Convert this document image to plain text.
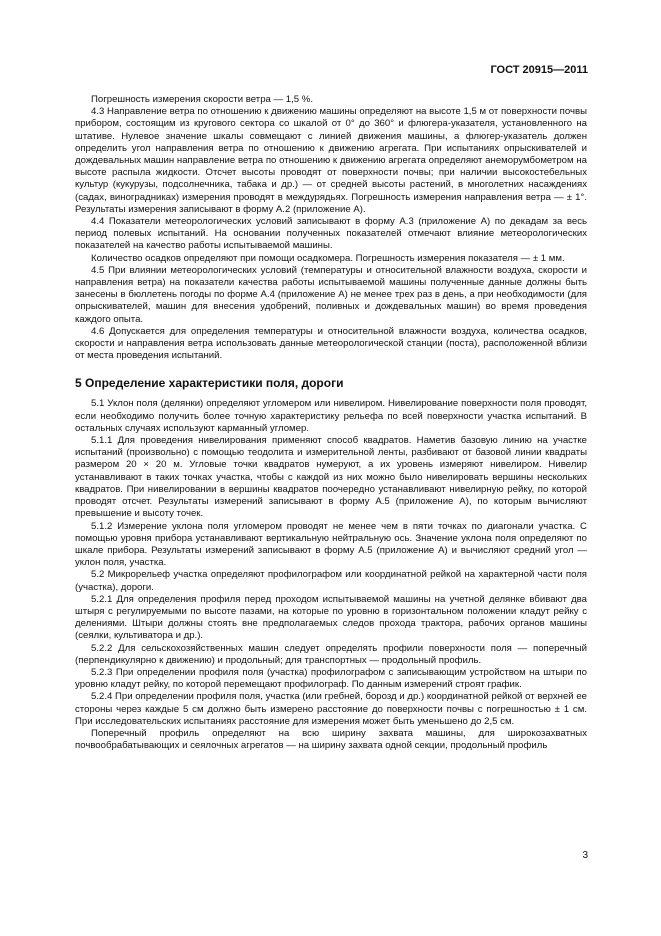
ГОСТ 20915—2011

Погрешность измерения скорости ветра — 1,5 %.

4.3 Направление ветра по отношению к движению машины определяют на высоте 1,5 м от поверхности почвы прибором, состоящим из кругового сектора со шкалой от 0° до 360° и флюгера-указателя, установленного на штативе. Нулевое значение шкалы совмещают с линией движения машины, а флюгер-указатель должен определить угол направления ветра по отношению к движению агрегата. При испытаниях опрыскивателей и дождевальных машин направление ветра по отношению к движению агрегата определяют анеморумбометром на высоте распыла жидкости. Отсчет высоты проводят от поверхности почвы; при наличии высокостебельных культур (кукурузы, подсолнечника, табака и др.) — от средней высоты растений, в многолетних насаждениях (садах, виноградниках) измерения проводят в междурядьях. Погрешность измерения направления ветра — ± 1°. Результаты измерения записывают в форму А.2 (приложение А).

4.4 Показатели метеорологических условий записывают в форму А.3 (приложение А) по декадам за весь период полевых испытаний. На основании полученных показателей отмечают влияние метеорологических показателей на качество работы испытываемой машины.

Количество осадков определяют при помощи осадкомера. Погрешность измерения показателя — ± 1 мм.

4.5 При влиянии метеорологических условий (температуры и относительной влажности воздуха, скорости и направления ветра) на показатели качества работы испытываемой машины полученные данные должны быть занесены в бюллетень погоды по форме А.4 (приложение А) не менее трех раз в день, а при необходимости (для опрыскивателей, машин для внесения удобрений, поливных и дождевальных машин) во время проведения каждого опыта.

4.6 Допускается для определения температуры и относительной влажности воздуха, количества осадков, скорости и направления ветра использовать данные метеорологической станции (поста), расположенной вблизи от места проведения испытаний.

5 Определение характеристики поля, дороги

5.1 Уклон поля (делянки) определяют угломером или нивелиром. Нивелирование поверхности поля проводят, если необходимо получить более точную характеристику рельефа по всей поверхности участка испытаний. В остальных случаях используют карманный угломер.

5.1.1 Для проведения нивелирования применяют способ квадратов. Наметив базовую линию на участке испытаний (произвольно) с помощью теодолита и измерительной ленты, разбивают от базовой линии квадраты размером 20 × 20 м. Угловые точки квадратов нумеруют, а их уровень измеряют нивелиром. Нивелир устанавливают в таких точках участка, чтобы с каждой из них можно было нивелировать вершины нескольких квадратов. При нивелировании в вершины квадратов поочередно устанавливают нивелирную рейку, по которой проводят отсчет. Результаты измерений записывают в форму А.5 (приложение А), по которым вычисляют превышение и высоту точек.

5.1.2 Измерение уклона поля угломером проводят не менее чем в пяти точках по диагонали участка. С помощью уровня прибора устанавливают вертикальную нейтральную ось. Значение уклона поля определяют по шкале прибора. Результаты измерений записывают в форму А.5 (приложение А) и вычисляют средний угол — уклон поля, участка.

5.2 Микрорельеф участка определяют профилографом или координатной рейкой на характерной части поля (участка), дороги.

5.2.1 Для определения профиля перед проходом испытываемой машины на учетной делянке вбивают два штыря с регулируемыми по высоте пазами, на которые по уровню в горизонтальном положении кладут рейку с делениями. Штыри должны стоять вне предполагаемых следов прохода трактора, рабочих органов машины (сеялки, культиватора и др.).

5.2.2 Для сельскохозяйственных машин следует определять профили поверхности поля — поперечный (перпендикулярно к движению) и продольный; для транспортных — продольный профиль.

5.2.3 При определении профиля поля (участка) профилографом с записывающим устройством на штыри по уровню кладут рейку, по которой перемещают профилограф. По данным измерений строят график.

5.2.4 При определении профиля поля, участка (или гребней, борозд и др.) координатной рейкой от верхней ее стороны через каждые 5 см должно быть измерено расстояние до поверхности почвы с погрешностью ± 1 см. При исследовательских испытаниях расстояние для измерения может быть уменьшено до 2,5 см.

Поперечный профиль определяют на всю ширину захвата машины, для широкозахватных почвообрабатывающих и сеялочных агрегатов — на ширину захвата одной секции, продольный профиль

3
